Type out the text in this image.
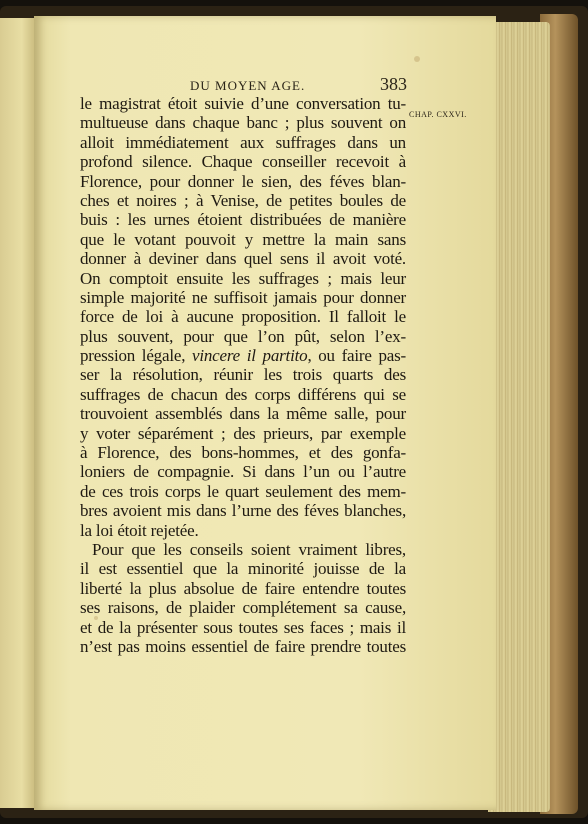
DU MOYEN AGE.	383
CHAP. CXXVI.
le magistrat étoit suivie d’une conversation tu-
multueuse dans chaque banc ; plus souvent on
alloit immédiatement aux suffrages dans un
profond silence. Chaque conseiller recevoit à
Florence, pour donner le sien, des féves blan-
ches et noires ; à Venise, de petites boules de
buis : les urnes étoient distribuées de manière
que le votant pouvoit y mettre la main sans
donner à deviner dans quel sens il avoit voté.
On comptoit ensuite les suffrages ; mais leur
simple majorité ne suffisoit jamais pour donner
force de loi à aucune proposition. Il falloit le
plus souvent, pour que l’on pût, selon l’ex-
pression légale, vincere il partito, ou faire pas-
ser la résolution, réunir les trois quarts des
suffrages de chacun des corps différens qui se
trouvoient assemblés dans la même salle, pour
y voter séparément ; des prieurs, par exemple
à Florence, des bons-hommes, et des gonfa-
loniers de compagnie. Si dans l’un ou l’autre
de ces trois corps le quart seulement des mem-
bres avoient mis dans l’urne des féves blanches,
la loi étoit rejetée.
Pour que les conseils soient vraiment libres,
il est essentiel que la minorité jouisse de la
liberté la plus absolue de faire entendre toutes
ses raisons, de plaider complétement sa cause,
et de la présenter sous toutes ses faces ; mais il
n’est pas moins essentiel de faire prendre toutes
